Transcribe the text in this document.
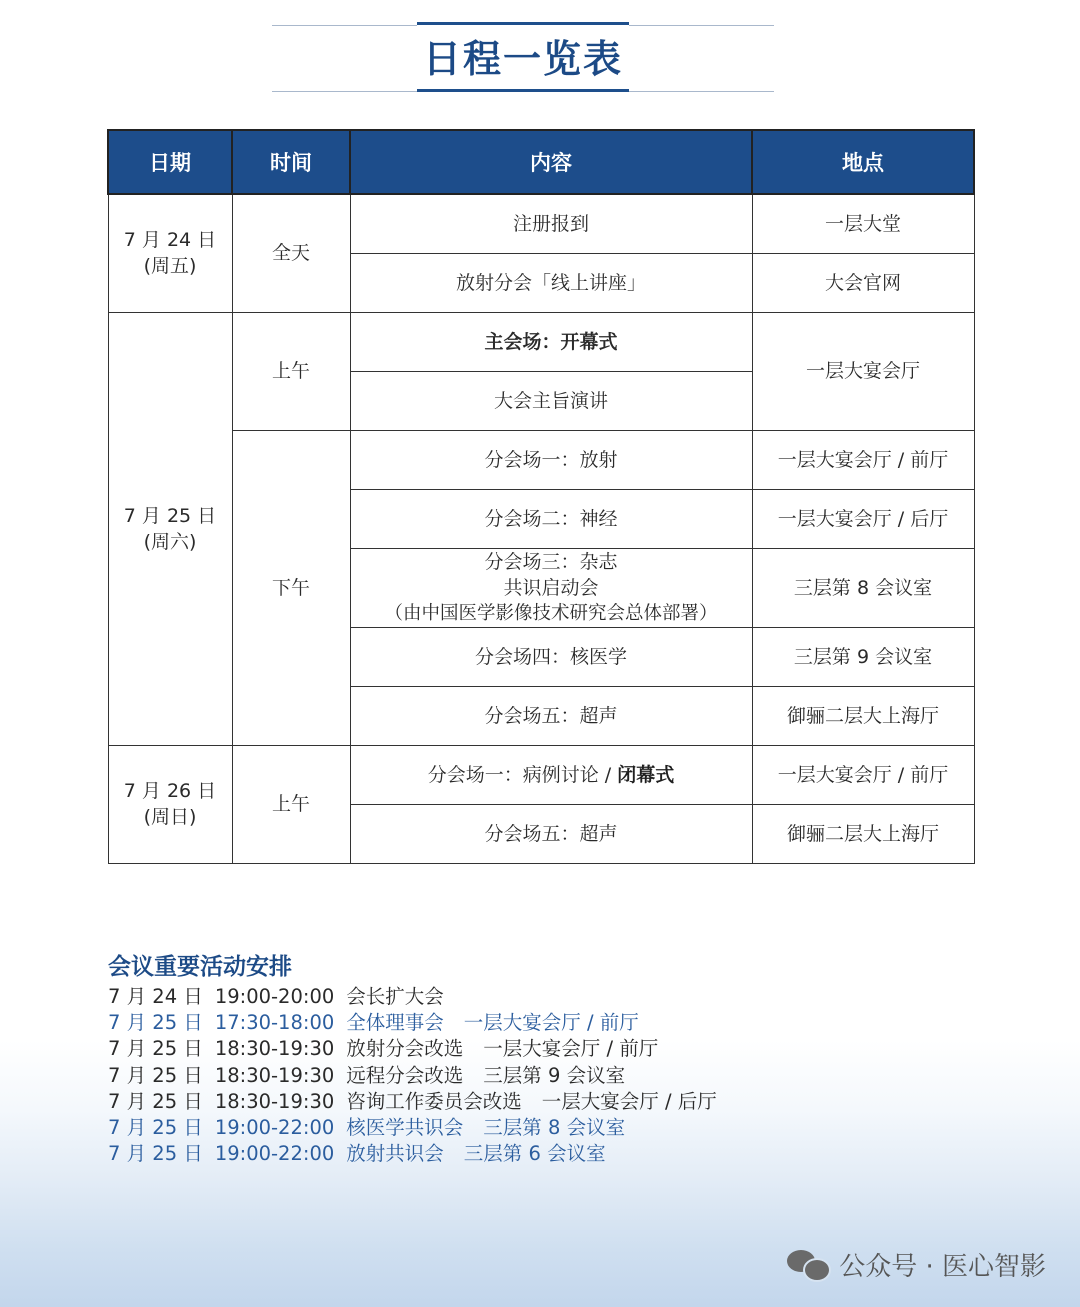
日程一览表
日期	时间	内容	地点

7 月 24 日
(周五)	全天	注册报到	一层大堂
		放射分会「线上讲座」	大会官网

7 月 25 日
(周六)	上午	主会场：开幕式	一层大宴会厅
		大会主旨演讲	
	下午	分会场一：放射	一层大宴会厅 / 前厅
		分会场二：神经	一层大宴会厅 / 后厅

		分会场三：杂志
共识启动会
（由中国医学影像技术研究会总体部署）	三层第 8 会议室
		分会场四：核医学	三层第 9 会议室
		分会场五：超声	御骊二层大上海厅

7 月 26 日
(周日)	上午	分会场一：病例讨论 / 闭幕式	一层大宴会厅 / 前厅
		分会场五：超声	御骊二层大上海厅
会议重要活动安排
7 月 24 日 19:00-20:00 会长扩大会
7 月 25 日 17:30-18:00 全体理事会 一层大宴会厅 / 前厅
7 月 25 日 18:30-19:30 放射分会改选 一层大宴会厅 / 前厅
7 月 25 日 18:30-19:30 远程分会改选 三层第 9 会议室
7 月 25 日 18:30-19:30 咨询工作委员会改选 一层大宴会厅 / 后厅
7 月 25 日 19:00-22:00 核医学共识会 三层第 8 会议室
7 月 25 日 19:00-22:00 放射共识会 三层第 6 会议室
公众号 · 医心智影
